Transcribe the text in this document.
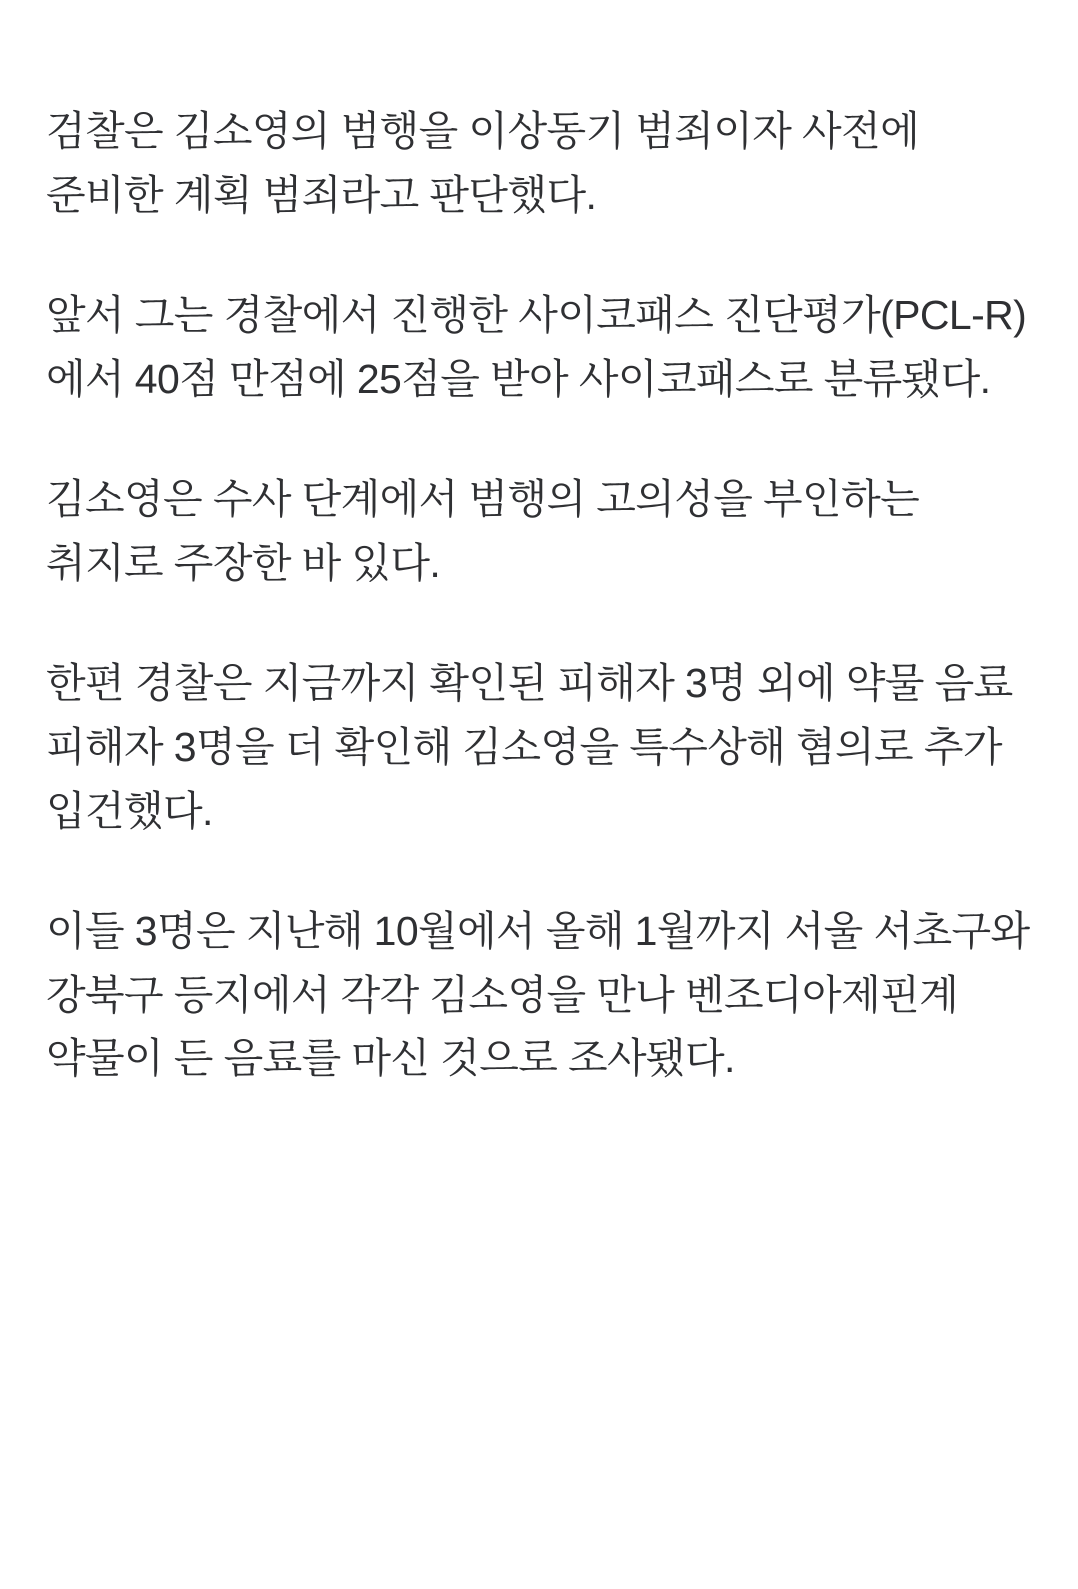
검찰은 김소영의 범행을 이상동기 범죄이자 사전에 준비한 계획 범죄라고 판단했다.

앞서 그는 경찰에서 진행한 사이코패스 진단평가(PCL-R)에서 40점 만점에 25점을 받아 사이코패스로 분류됐다.

김소영은 수사 단계에서 범행의 고의성을 부인하는 취지로 주장한 바 있다.

한편 경찰은 지금까지 확인된 피해자 3명 외에 약물 음료 피해자 3명을 더 확인해 김소영을 특수상해 혐의로 추가 입건했다.

이들 3명은 지난해 10월에서 올해 1월까지 서울 서초구와 강북구 등지에서 각각 김소영을 만나 벤조디아제핀계 약물이 든 음료를 마신 것으로 조사됐다.
